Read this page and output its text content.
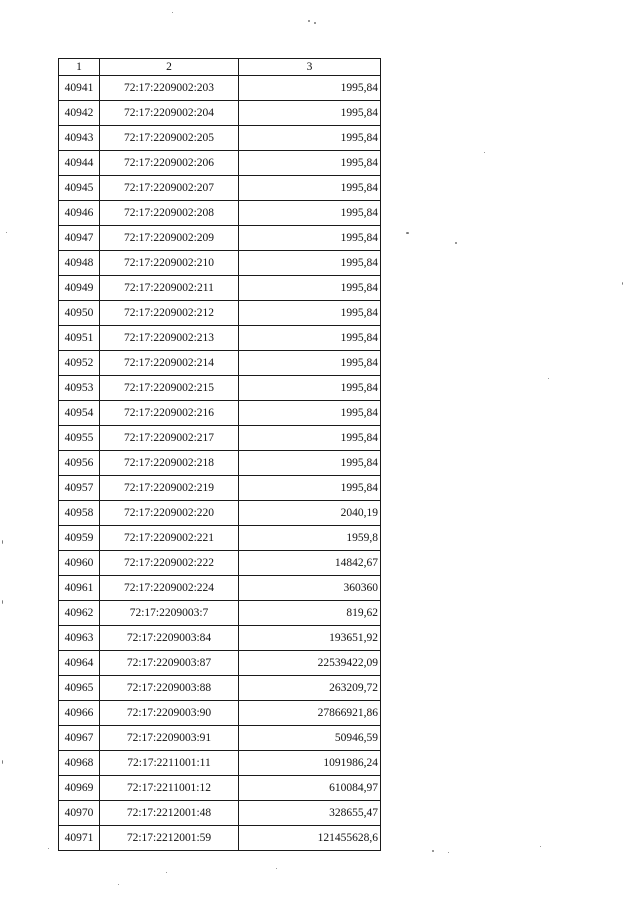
1	2	3
40941	72:17:2209002:203	1995,84
40942	72:17:2209002:204	1995,84
40943	72:17:2209002:205	1995,84
40944	72:17:2209002:206	1995,84
40945	72:17:2209002:207	1995,84
40946	72:17:2209002:208	1995,84
40947	72:17:2209002:209	1995,84
40948	72:17:2209002:210	1995,84
40949	72:17:2209002:211	1995,84
40950	72:17:2209002:212	1995,84
40951	72:17:2209002:213	1995,84
40952	72:17:2209002:214	1995,84
40953	72:17:2209002:215	1995,84
40954	72:17:2209002:216	1995,84
40955	72:17:2209002:217	1995,84
40956	72:17:2209002:218	1995,84
40957	72:17:2209002:219	1995,84
40958	72:17:2209002:220	2040,19
40959	72:17:2209002:221	1959,8
40960	72:17:2209002:222	14842,67
40961	72:17:2209002:224	360360
40962	72:17:2209003:7	819,62
40963	72:17:2209003:84	193651,92
40964	72:17:2209003:87	22539422,09
40965	72:17:2209003:88	263209,72
40966	72:17:2209003:90	27866921,86
40967	72:17:2209003:91	50946,59
40968	72:17:2211001:11	1091986,24
40969	72:17:2211001:12	610084,97
40970	72:17:2212001:48	328655,47
40971	72:17:2212001:59	121455628,6
